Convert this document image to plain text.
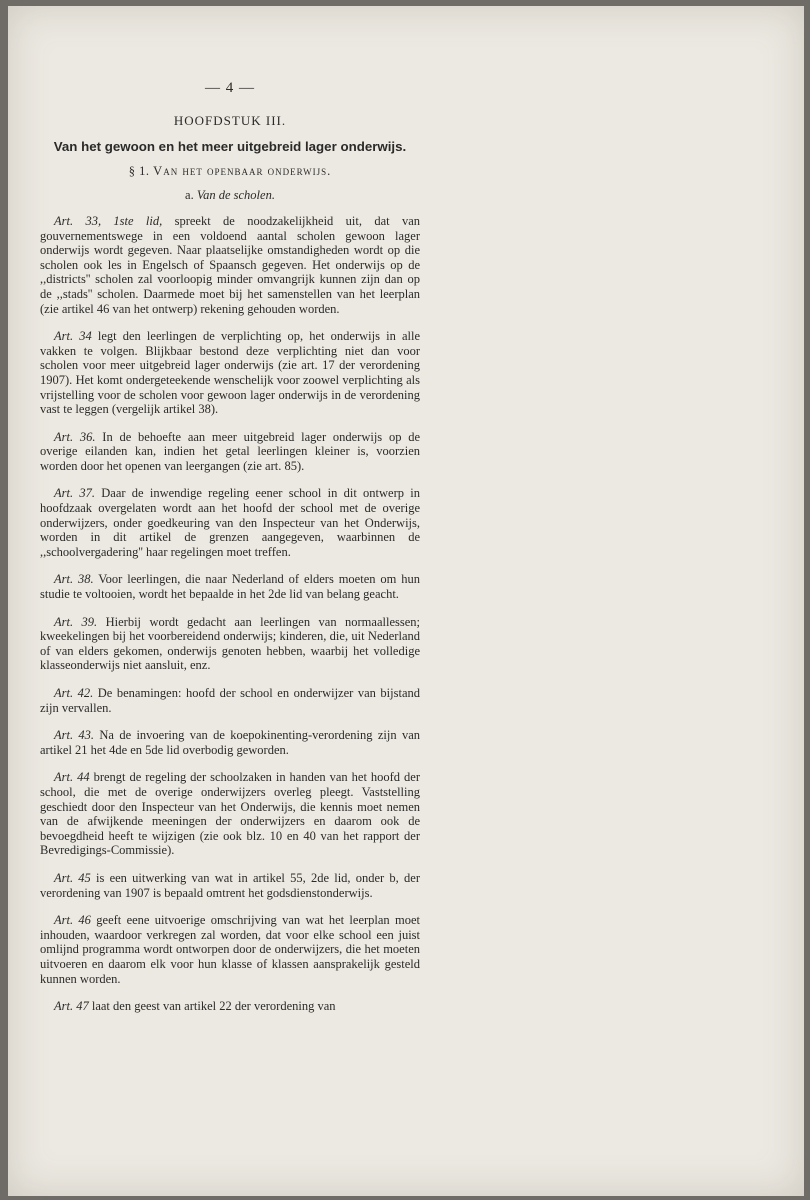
— 4 —
HOOFDSTUK III.
Van het gewoon en het meer uitgebreid lager onderwijs.
§ 1. Van het openbaar onderwijs.
a. Van de scholen.

Art. 33, 1ste lid, spreekt de noodzakelijkheid uit, dat van gouvernementswege in een voldoend aantal scholen gewoon lager onderwijs wordt gegeven. Naar plaatselijke omstandigheden wordt op die scholen ook les in Engelsch of Spaansch gegeven. Het onderwijs op de ,,districts'' scholen zal voorloopig minder omvangrijk kunnen zijn dan op de ,,stads'' scholen. Daarmede moet bij het samenstellen van het leerplan (zie artikel 46 van het ontwerp) rekening gehouden worden.

Art. 34 legt den leerlingen de verplichting op, het onderwijs in alle vakken te volgen. Blijkbaar bestond deze verplichting niet dan voor scholen voor meer uitgebreid lager onderwijs (zie art. 17 der verordening 1907). Het komt ondergeteekende wenschelijk voor zoowel verplichting als vrijstelling voor de scholen voor gewoon lager onderwijs in de verordening vast te leggen (vergelijk artikel 38).

Art. 36. In de behoefte aan meer uitgebreid lager onderwijs op de overige eilanden kan, indien het getal leerlingen kleiner is, voorzien worden door het openen van leergangen (zie art. 85).

Art. 37. Daar de inwendige regeling eener school in dit ontwerp in hoofdzaak overgelaten wordt aan het hoofd der school met de overige onderwijzers, onder goedkeuring van den Inspecteur van het Onderwijs, worden in dit artikel de grenzen aangegeven, waarbinnen de ,,schoolvergadering'' haar regelingen moet treffen.

Art. 38. Voor leerlingen, die naar Nederland of elders moeten om hun studie te voltooien, wordt het bepaalde in het 2de lid van belang geacht.

Art. 39. Hierbij wordt gedacht aan leerlingen van normaallessen; kweekelingen bij het voorbereidend onderwijs; kinderen, die, uit Nederland of van elders gekomen, onderwijs genoten hebben, waarbij het volledige klasseonderwijs niet aansluit, enz.

Art. 42. De benamingen: hoofd der school en onderwijzer van bijstand zijn vervallen.

Art. 43. Na de invoering van de koepokinenting-verordening zijn van artikel 21 het 4de en 5de lid overbodig geworden.

Art. 44 brengt de regeling der schoolzaken in handen van het hoofd der school, die met de overige onderwijzers overleg pleegt. Vaststelling geschiedt door den Inspecteur van het Onderwijs, die kennis moet nemen van de afwijkende meeningen der onderwijzers en daarom ook de bevoegdheid heeft te wijzigen (zie ook blz. 10 en 40 van het rapport der Bevredigings-Commissie).

Art. 45 is een uitwerking van wat in artikel 55, 2de lid, onder b, der verordening van 1907 is bepaald omtrent het godsdienstonderwijs.

Art. 46 geeft eene uitvoerige omschrijving van wat het leerplan moet inhouden, waardoor verkregen zal worden, dat voor elke school een juist omlijnd programma wordt ontworpen door de onderwijzers, die het moeten uitvoeren en daarom elk voor hun klasse of klassen aansprakelijk gesteld kunnen worden.

Art. 47 laat den geest van artikel 22 der verordening van
